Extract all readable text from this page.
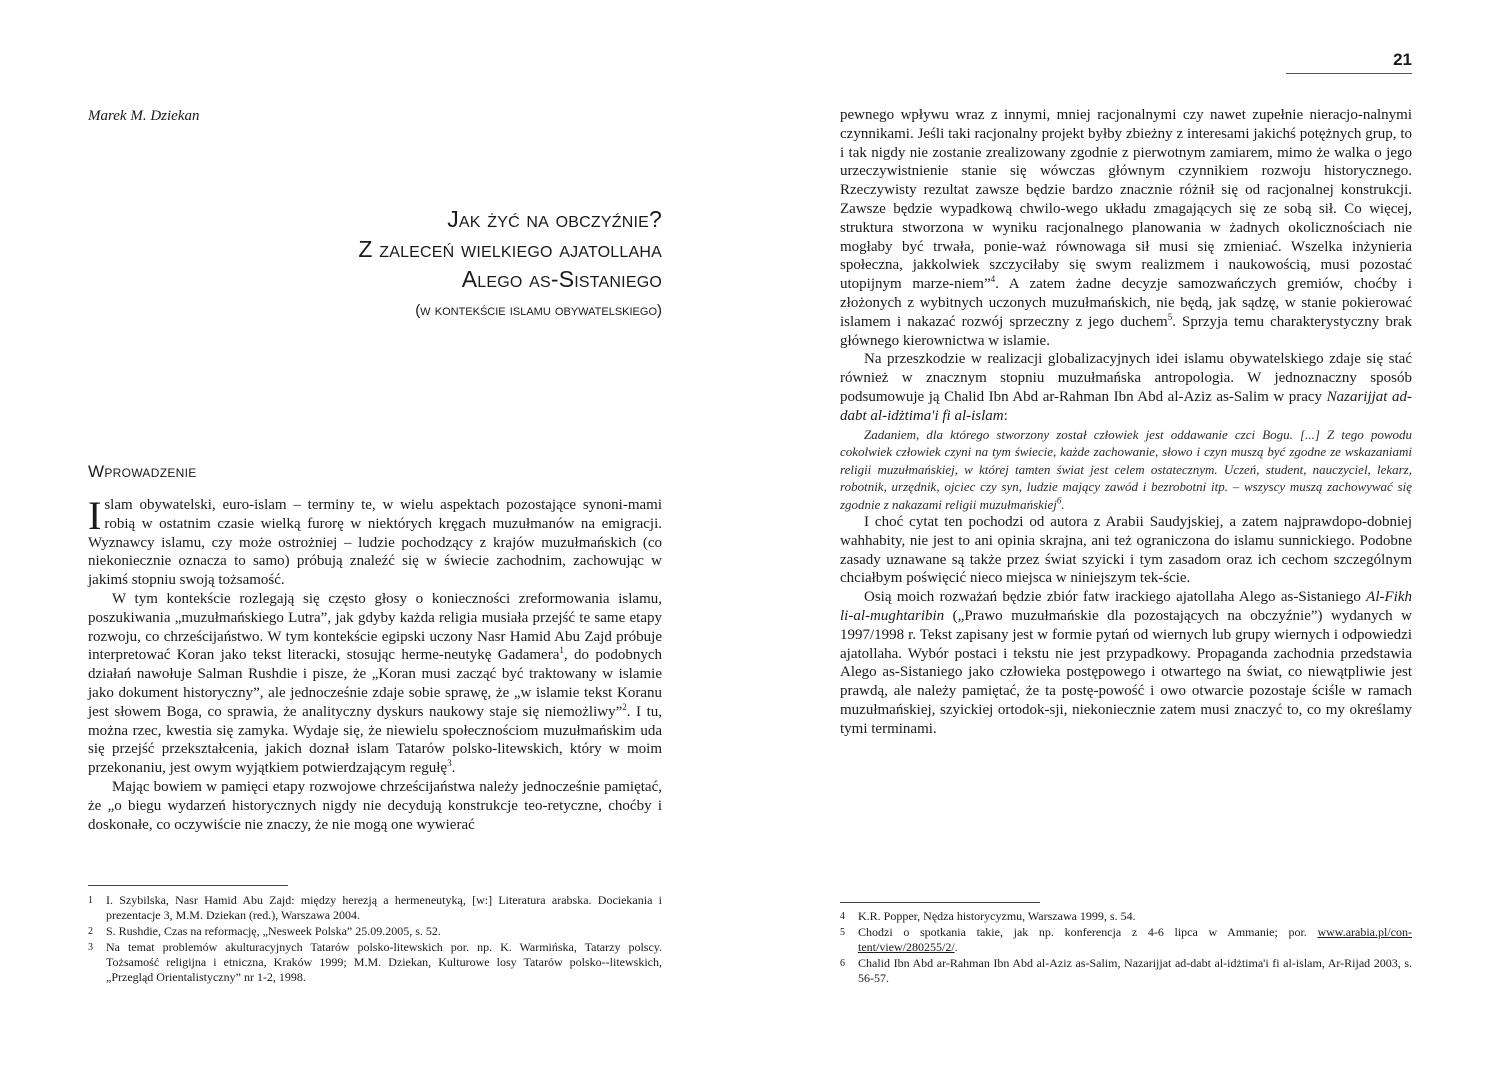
Marek M. Dziekan
Jak żyć na obczyźnie?
Z zaleceń wielkiego ajatollaha
Alego as-Sistaniego
(w kontekście islamu obywatelskiego)
Wprowadzenie

Islam obywatelski, euro-islam – terminy te, w wielu aspektach pozostające synoni-mami robią w ostatnim czasie wielką furorę w niektórych kręgach muzułmanów na emigracji. Wyznawcy islamu, czy może ostrożniej – ludzie pochodzący z krajów muzułmańskich (co niekoniecznie oznacza to samo) próbują znaleźć się w świecie zachodnim, zachowując w jakimś stopniu swoją tożsamość.

W tym kontekście rozlegają się często głosy o konieczności zreformowania islamu, poszukiwania „muzułmańskiego Lutra”, jak gdyby każda religia musiała przejść te same etapy rozwoju, co chrześcijaństwo. W tym kontekście egipski uczony Nasr Hamid Abu Zajd próbuje interpretować Koran jako tekst literacki, stosując herme-neutykę Gadamera$^1$, do podobnych działań nawołuje Salman Rushdie i pisze, że „Koran musi zacząć być traktowany w islamie jako dokument historyczny”, ale jednocześnie zdaje sobie sprawę, że „w islamie tekst Koranu jest słowem Boga, co sprawia, że analityczny dyskurs naukowy staje się niemożliwy”$^2$. I tu, można rzec, kwestia się zamyka. Wydaje się, że niewielu społecznościom muzułmańskim uda się przejść przekształcenia, jakich doznał islam Tatarów polsko-litewskich, który w moim przekonaniu, jest owym wyjątkiem potwierdzającym regułę$^3$.

Mając bowiem w pamięci etapy rozwojowe chrześcijaństwa należy jednocześnie pamiętać, że „o biegu wydarzeń historycznych nigdy nie decydują konstrukcje teo-retyczne, choćby i doskonałe, co oczywiście nie znaczy, że nie mogą one wywierać

1 I. Szybilska, Nasr Hamid Abu Zajd: między herezją a hermeneutyką, [w:] Literatura arabska. Dociekania i prezentacje 3, M.M. Dziekan (red.), Warszawa 2004.
2 S. Rushdie, Czas na reformację, „Nesweek Polska” 25.09.2005, s. 52.
3 Na temat problemów akulturacyjnych Tatarów polsko-litewskich por. np. K. Warmińska, Tatarzy polscy. Tożsamość religijna i etniczna, Kraków 1999; M.M. Dziekan, Kulturowe losy Tatarów polsko--litewskich, „Przegląd Orientalistyczny” nr 1-2, 1998.
21

pewnego wpływu wraz z innymi, mniej racjonalnymi czy nawet zupełnie nieracjo-nalnymi czynnikami. Jeśli taki racjonalny projekt byłby zbieżny z interesami jakichś potężnych grup, to i tak nigdy nie zostanie zrealizowany zgodnie z pierwotnym zamiarem, mimo że walka o jego urzeczywistnienie stanie się wówczas głównym czynnikiem rozwoju historycznego. Rzeczywisty rezultat zawsze będzie bardzo znacznie różnił się od racjonalnej konstrukcji. Zawsze będzie wypadkową chwilo-wego układu zmagających się ze sobą sił. Co więcej, struktura stworzona w wyniku racjonalnego planowania w żadnych okolicznościach nie mogłaby być trwała, ponie-waż równowaga sił musi się zmieniać. Wszelka inżynieria społeczna, jakkolwiek szczyciłaby się swym realizmem i naukowością, musi pozostać utopijnym marze-niem”$^4$. A zatem żadne decyzje samozwańczych gremiów, choćby i złożonych z wybitnych uczonych muzułmańskich, nie będą, jak sądzę, w stanie pokierować islamem i nakazać rozwój sprzeczny z jego duchem$^5$. Sprzyja temu charakterystyczny brak głównego kierownictwa w islamie.

Na przeszkodzie w realizacji globalizacyjnych idei islamu obywatelskiego zdaje się stać również w znacznym stopniu muzułmańska antropologia. W jednoznaczny sposób podsumowuje ją Chalid Ibn Abd ar-Rahman Ibn Abd al-Aziz as-Salim w pracy Nazarijjat ad-dabt al-idżtima'i fi al-islam:

Zadaniem, dla którego stworzony został człowiek jest oddawanie czci Bogu. [...] Z tego powodu cokolwiek człowiek czyni na tym świecie, każde zachowanie, słowo i czyn muszą być zgodne ze wskazaniami religii muzułmańskiej, w której tamten świat jest celem ostatecznym. Uczeń, student, nauczyciel, lekarz, robotnik, urzędnik, ojciec czy syn, ludzie mający zawód i bezrobotni itp. – wszyscy muszą zachowywać się zgodnie z nakazami religii muzułmańskiej$^6$.

I choć cytat ten pochodzi od autora z Arabii Saudyjskiej, a zatem najprawdopo-dobniej wahhabity, nie jest to ani opinia skrajna, ani też ograniczona do islamu sunnickiego. Podobne zasady uznawane są także przez świat szyicki i tym zasadom oraz ich cechom szczególnym chciałbym poświęcić nieco miejsca w niniejszym tek-ście.

Osią moich rozważań będzie zbiór fatw irackiego ajatollaha Alego as-Sistaniego Al-Fikh li-al-mughtaribin („Prawo muzułmańskie dla pozostających na obczyźnie”) wydanych w 1997/1998 r. Tekst zapisany jest w formie pytań od wiernych lub grupy wiernych i odpowiedzi ajatollaha. Wybór postaci i tekstu nie jest przypadkowy. Propaganda zachodnia przedstawia Alego as-Sistaniego jako człowieka postępowego i otwartego na świat, co niewątpliwie jest prawdą, ale należy pamiętać, że ta postę-powość i owo otwarcie pozostaje ściśle w ramach muzułmańskiej, szyickiej ortodok-sji, niekoniecznie zatem musi znaczyć to, co my określamy tymi terminami.

4 K.R. Popper, Nędza historycyzmu, Warszawa 1999, s. 54.
5 Chodzi o spotkania takie, jak np. konferencja z 4-6 lipca w Ammanie; por. www.arabia.pl/con-tent/view/280255/2/.
6 Chalid Ibn Abd ar-Rahman Ibn Abd al-Aziz as-Salim, Nazarijjat ad-dabt al-idżtima'i fi al-islam, Ar-Rijad 2003, s. 56-57.
